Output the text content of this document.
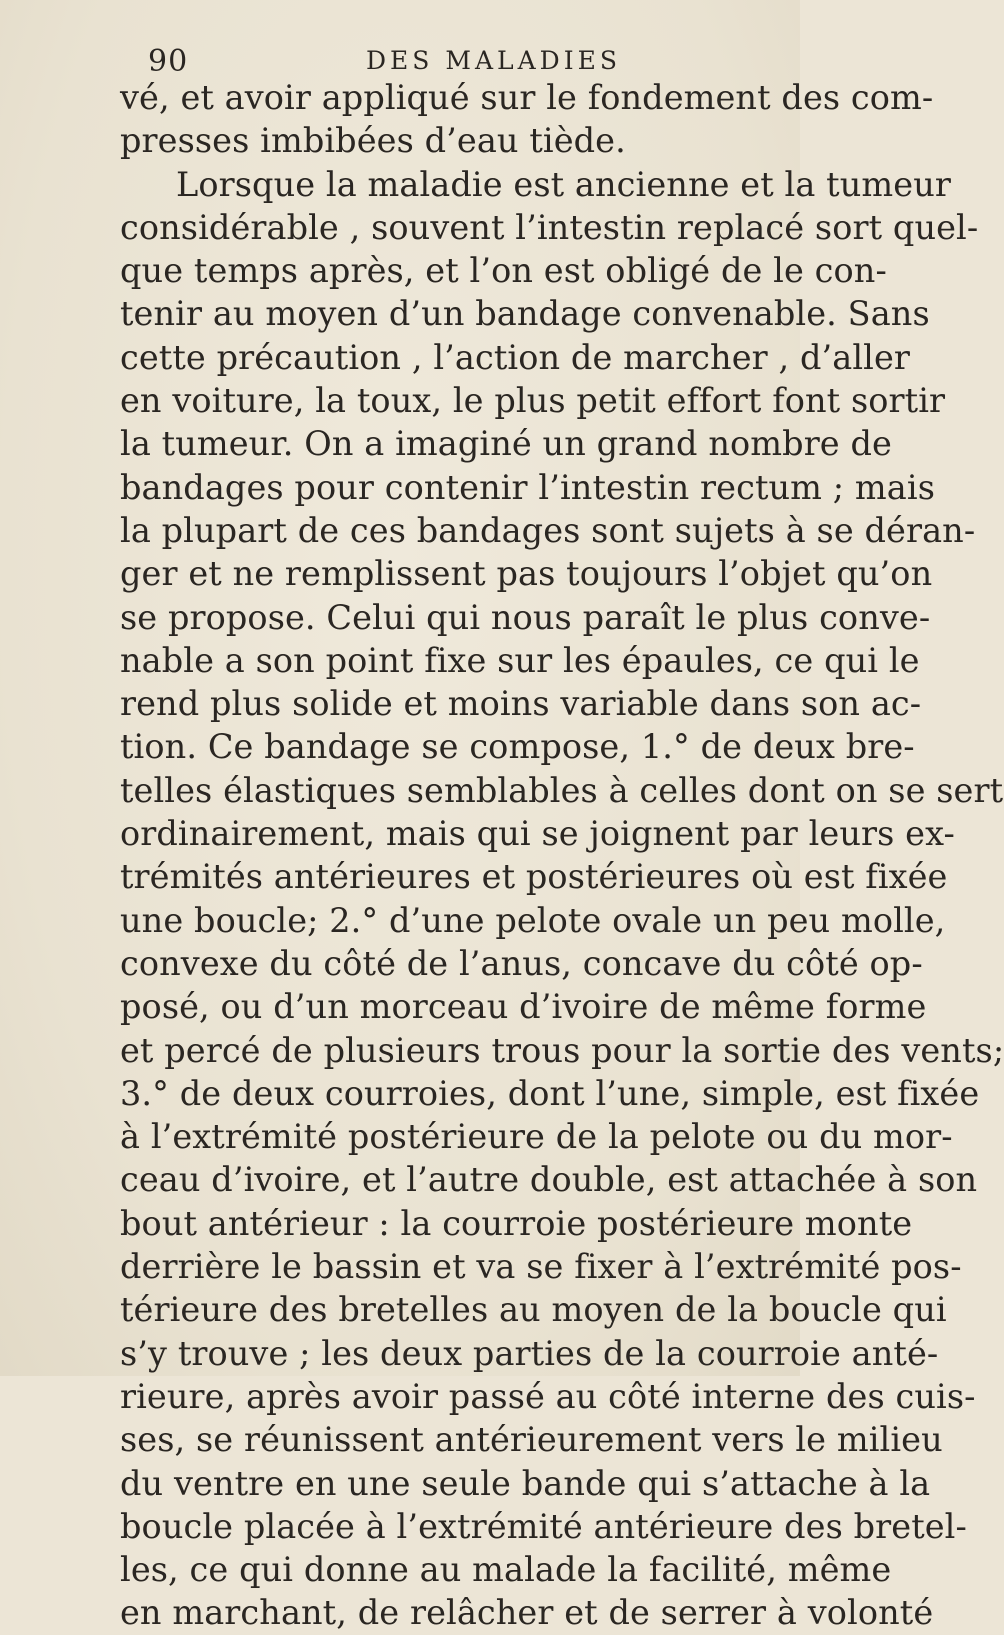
90	DES MALADIES
vé, et avoir appliqué sur le fondement des com-
presses imbibées d’eau tiède.
Lorsque la maladie est ancienne et la tumeur
considérable , souvent l’intestin replacé sort quel-
que temps après, et l’on est obligé de le con-
tenir au moyen d’un bandage convenable. Sans
cette précaution , l’action de marcher , d’aller
en voiture, la toux, le plus petit effort font sortir
la tumeur. On a imaginé un grand nombre de
bandages pour contenir l’intestin rectum ; mais
la plupart de ces bandages sont sujets à se déran-
ger et ne remplissent pas toujours l’objet qu’on
se propose. Celui qui nous paraît le plus conve-
nable a son point fixe sur les épaules, ce qui le
rend plus solide et moins variable dans son ac-
tion. Ce bandage se compose, 1.° de deux bre-
telles élastiques semblables à celles dont on se sert
ordinairement, mais qui se joignent par leurs ex-
trémités antérieures et postérieures où est fixée
une boucle; 2.° d’une pelote ovale un peu molle,
convexe du côté de l’anus, concave du côté op-
posé, ou d’un morceau d’ivoire de même forme
et percé de plusieurs trous pour la sortie des vents;
3.° de deux courroies, dont l’une, simple, est fixée
à l’extrémité postérieure de la pelote ou du mor-
ceau d’ivoire, et l’autre double, est attachée à son
bout antérieur : la courroie postérieure monte
derrière le bassin et va se fixer à l’extrémité pos-
térieure des bretelles au moyen de la boucle qui
s’y trouve ; les deux parties de la courroie anté-
rieure, après avoir passé au côté interne des cuis-
ses, se réunissent antérieurement vers le milieu
du ventre en une seule bande qui s’attache à la
boucle placée à l’extrémité antérieure des bretel-
les, ce qui donne au malade la facilité, même
en marchant, de relâcher et de serrer à volonté
